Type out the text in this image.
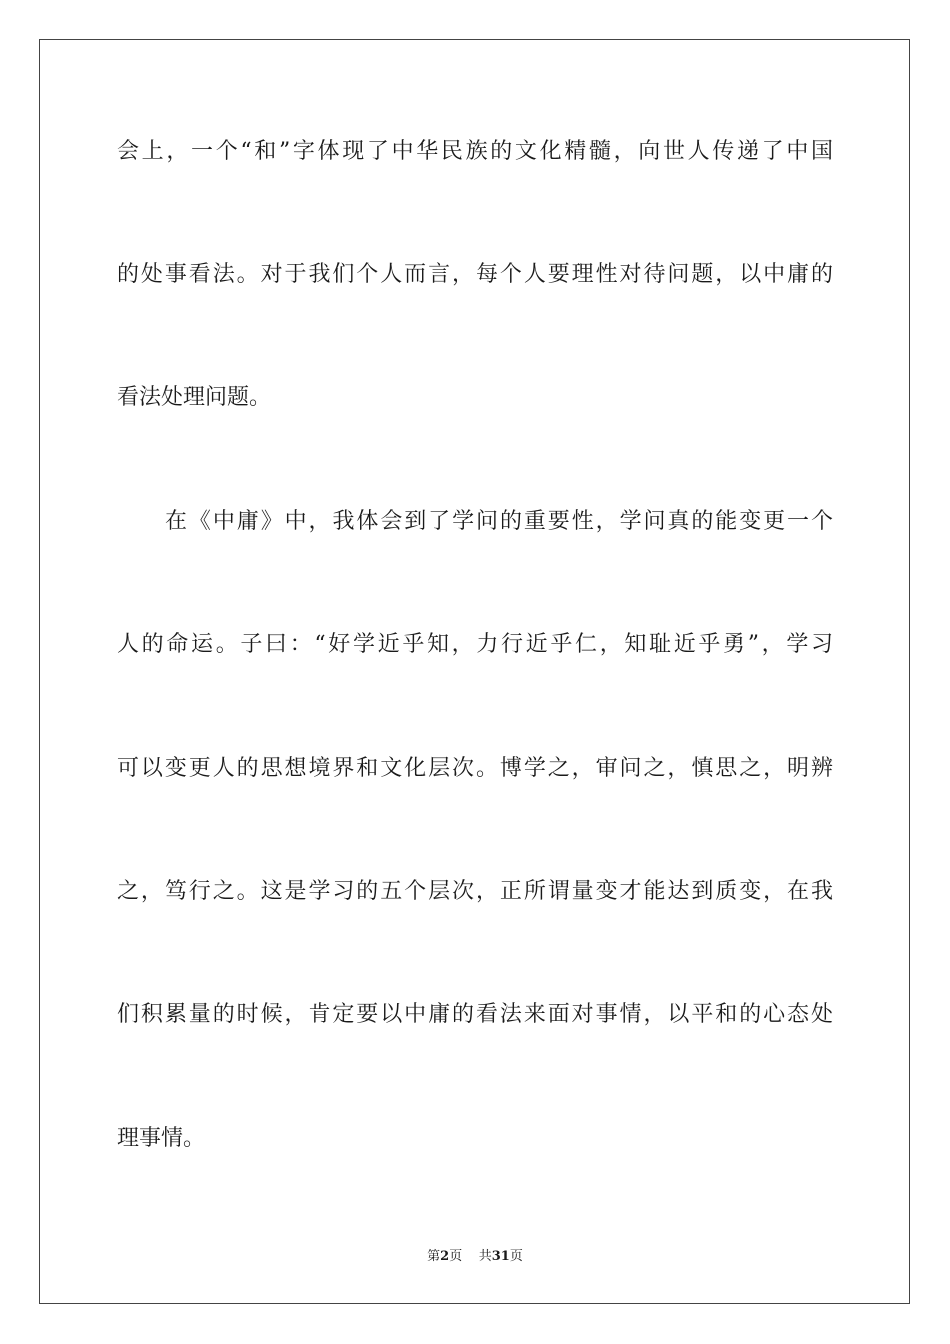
会上，一个“和”字体现了中华民族的文化精髓，向世人传递了中国
的处事看法。对于我们个人而言，每个人要理性对待问题，以中庸的
看法处理问题。
在《中庸》中，我体会到了学问的重要性，学问真的能变更一个
人的命运。子曰：“好学近乎知，力行近乎仁，知耻近乎勇”，学习
可以变更人的思想境界和文化层次。博学之，审问之，慎思之，明辨
之，笃行之。这是学习的五个层次，正所谓量变才能达到质变，在我
们积累量的时候，肯定要以中庸的看法来面对事情，以平和的心态处
理事情。
第2页 共31页
